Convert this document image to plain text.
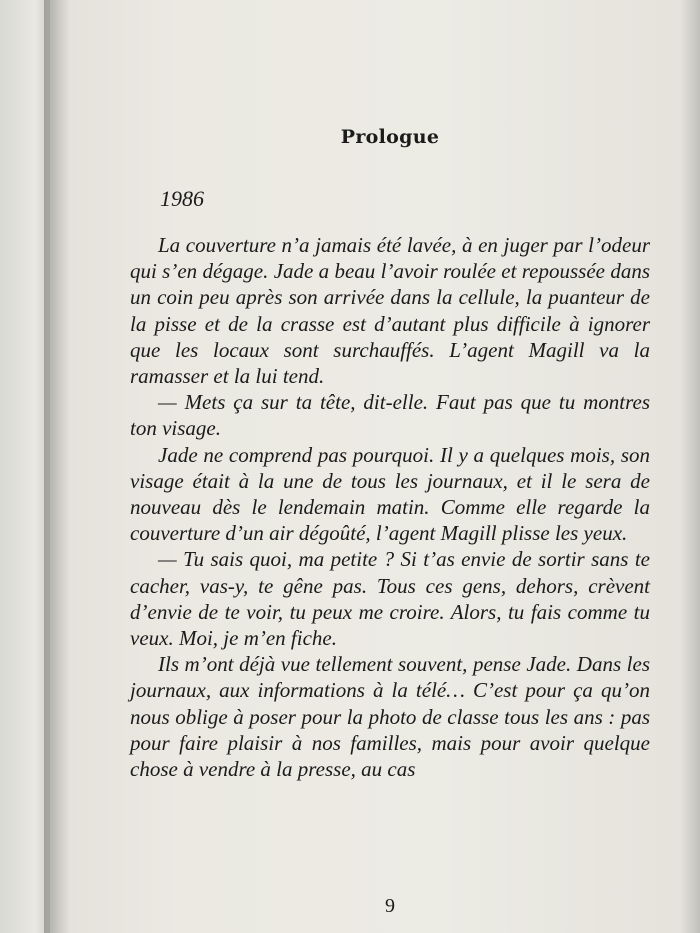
Prologue
1986

La couverture n’a jamais été lavée, à en juger par l’odeur qui s’en dégage. Jade a beau l’avoir roulée et repoussée dans un coin peu après son arrivée dans la cellule, la puanteur de la pisse et de la crasse est d’autant plus difficile à ignorer que les locaux sont surchauffés. L’agent Magill va la ramasser et la lui tend.

— Mets ça sur ta tête, dit-elle. Faut pas que tu montres ton visage.

Jade ne comprend pas pourquoi. Il y a quelques mois, son visage était à la une de tous les journaux, et il le sera de nouveau dès le lendemain matin. Comme elle regarde la couverture d’un air dégoûté, l’agent Magill plisse les yeux.

— Tu sais quoi, ma petite ? Si t’as envie de sortir sans te cacher, vas-y, te gêne pas. Tous ces gens, dehors, crèvent d’envie de te voir, tu peux me croire. Alors, tu fais comme tu veux. Moi, je m’en fiche.

Ils m’ont déjà vue tellement souvent, pense Jade. Dans les journaux, aux informations à la télé… C’est pour ça qu’on nous oblige à poser pour la photo de classe tous les ans : pas pour faire plaisir à nos familles, mais pour avoir quelque chose à vendre à la presse, au cas

9
